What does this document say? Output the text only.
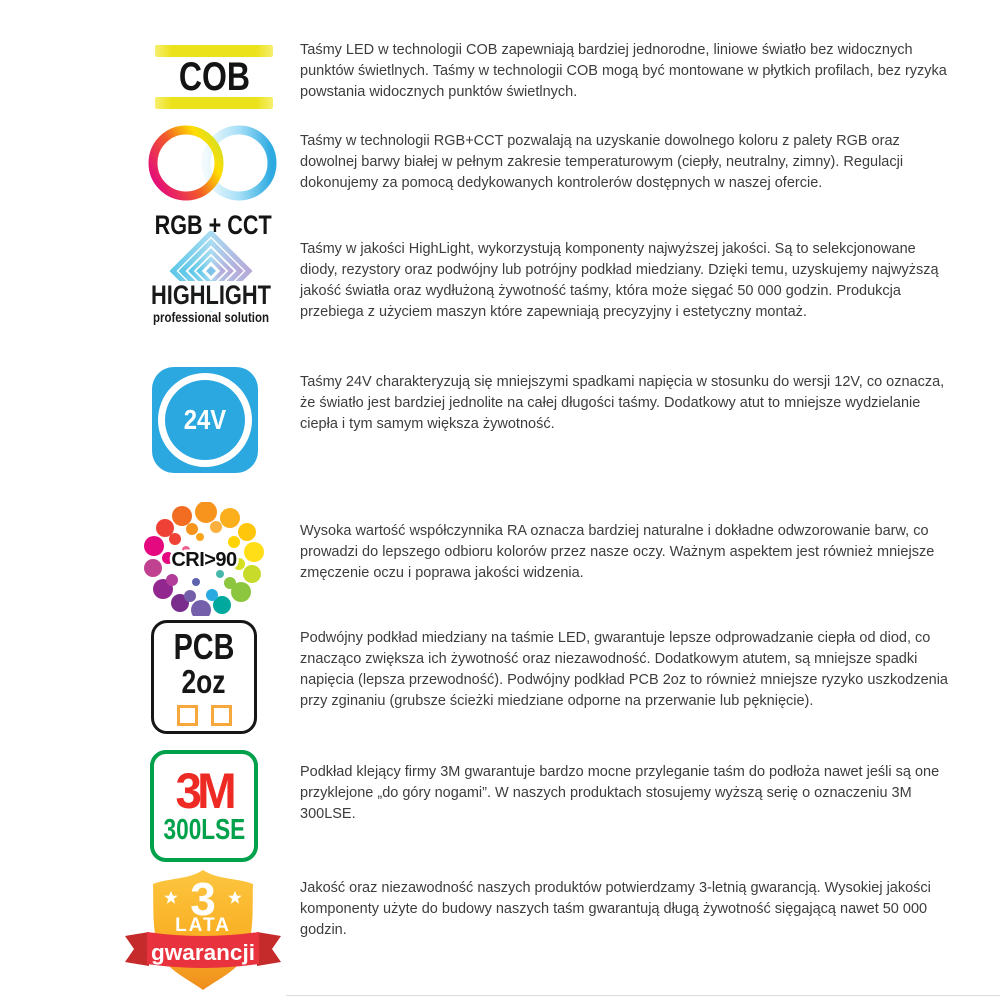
COB

Taśmy LED w technologii COB zapewniają bardziej jednorodne, liniowe światło bez widocznych punktów świetlnych. Taśmy w technologii COB mogą być montowane w płytkich profilach, bez ryzyka powstania widocznych punktów świetlnych.

RGB + CCT

Taśmy w technologii RGB+CCT pozwalają na uzyskanie dowolnego koloru z palety RGB oraz dowolnej barwy białej w pełnym zakresie temperaturowym (ciepły, neutralny, zimny). Regulacji dokonujemy za pomocą dedykowanych kontrolerów dostępnych w naszej ofercie.

HIGHLIGHT
professional solution

Taśmy w jakości HighLight, wykorzystują komponenty najwyższej jakości. Są to selekcjonowane diody, rezystory oraz podwójny lub potrójny podkład miedziany. Dzięki temu, uzyskujemy najwyższą jakość światła oraz wydłużoną żywotność taśmy, która może sięgać 50 000 godzin. Produkcja przebiega z użyciem maszyn które zapewniają precyzyjny i estetyczny montaż.

24V

Taśmy 24V charakteryzują się mniejszymi spadkami napięcia w stosunku do wersji 12V, co oznacza, że światło jest bardziej jednolite na całej długości taśmy. Dodatkowy atut to mniejsze wydzielanie ciepła i tym samym większa żywotność.

CRI>90

Wysoka wartość współczynnika RA oznacza bardziej naturalne i dokładne odwzorowanie barw, co prowadzi do lepszego odbioru kolorów przez nasze oczy. Ważnym aspektem jest również mniejsze zmęczenie oczu i poprawa jakości widzenia.

PCB
2oz

Podwójny podkład miedziany na taśmie LED, gwarantuje lepsze odprowadzanie ciepła od diod, co znacząco zwiększa ich żywotność oraz niezawodność. Dodatkowym atutem, są mniejsze spadki napięcia (lepsza przewodność). Podwójny podkład PCB 2oz to również mniejsze ryzyko uszkodzenia przy zginaniu (grubsze ścieżki miedziane odporne na przerwanie lub pęknięcie).

3M
300LSE

Podkład klejący firmy 3M gwarantuje bardzo mocne przyleganie taśm do podłoża nawet jeśli są one przyklejone „do góry nogami”. W naszych produktach stosujemy wyższą serię o oznaczeniu 3M 300LSE.

3
LATA
gwarancji

Jakość oraz niezawodność naszych produktów potwierdzamy 3-letnią gwarancją. Wysokiej jakości komponenty użyte do budowy naszych taśm gwarantują długą żywotność sięgającą nawet 50 000 godzin.
